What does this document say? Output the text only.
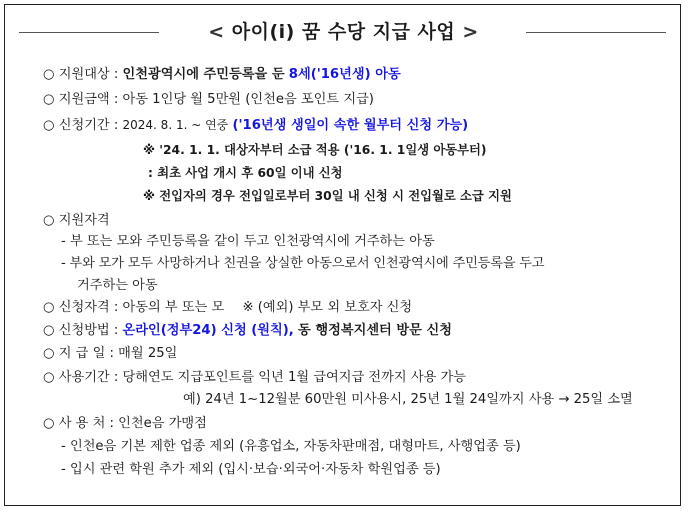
< 아이(i) 꿈 수당 지급 사업 >
○ 지원대상 : 인천광역시에 주민등록을 둔 8세('16년생) 아동
○ 지원금액 : 아동 1인당 월 5만원 (인천e음 포인트 지급)
○ 신청기간 : 2024. 8. 1. ~ 연중 ('16년생 생일이 속한 월부터 신청 가능)
※ '24. 1. 1. 대상자부터 소급 적용 ('16. 1. 1일생 아동부터)
: 최초 사업 개시 후 60일 이내 신청
※ 전입자의 경우 전입일로부터 30일 내 신청 시 전입월로 소급 지원
○ 지원자격
- 부 또는 모와 주민등록을 같이 두고 인천광역시에 거주하는 아동
- 부와 모가 모두 사망하거나 친권을 상실한 아동으로서 인천광역시에 주민등록을 두고
거주하는 아동
○ 신청자격 : 아동의 부 또는 모 ※ (예외) 부모 외 보호자 신청
○ 신청방법 : 온라인(정부24) 신청 (원칙), 동 행정복지센터 방문 신청
○ 지 급 일 : 매월 25일
○ 사용기간 : 당해연도 지급포인트를 익년 1월 급여지급 전까지 사용 가능
예) 24년 1~12월분 60만원 미사용시, 25년 1월 24일까지 사용 → 25일 소멸
○ 사 용 처 : 인천e음 가맹점
- 인천e음 기본 제한 업종 제외 (유흥업소, 자동차판매점, 대형마트, 사행업종 등)
- 입시 관련 학원 추가 제외 (입시·보습·외국어·자동차 학원업종 등)
